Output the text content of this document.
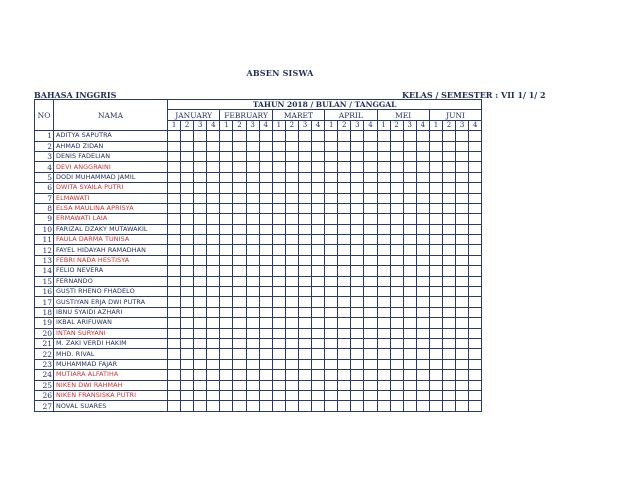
ABSEN SISWA
BAHASA INGGRIS	KELAS / SEMESTER : VII 1/ 1/ 2
NO	NAMA	TAHUN 2018 / BULAN / TANGGAL																							
		JANUARY				FEBRUARY				MARET				APRIL				MEI				JUNI			
		1	2	3	4	1	2	3	4	1	2	3	4	1	2	3	4	1	2	3	4	1	2	3	4
1	ADITYA SAPUTRA																								
2	AHMAD ZIDAN																								
3	DENIS FADELIAN																								
4	DEVI ANGGRAINI																								
5	DODI MUHAMMAD JAMIL																								
6	DWITA SYAILA PUTRI																								
7	ELMAWATI																								
8	ELSA MAULINA APRISYA																								
9	ERMAWATI LAIA																								
10	FARIZAL DZAKY MUTAWAKIL																								
11	FAULA DARMA TUNISA																								
12	FAYEL HIDAYAH RAMADHAN																								
13	FEBRI NADA HESTISYA																								
14	FELIO NEVERA																								
15	FERNANDO																								
16	GUSTI RHENO FHADELO																								
17	GUSTIYAN ERJA DWI PUTRA																								
18	IBNU SYAIDI AZHARI																								
19	IKBAL ARIFUWAN																								
20	INTAN SURYANI																								
21	M. ZAKI VERDI HAKIM																								
22	MHD. RIVAL																								
23	MUHAMMAD FAJAR																								
24	MUTIARA ALFATIHA																								
25	NIKEN DWI RAHMAH																								
26	NIKEN FRANSISKA PUTRI																								
27	NOVAL SUARES																								
